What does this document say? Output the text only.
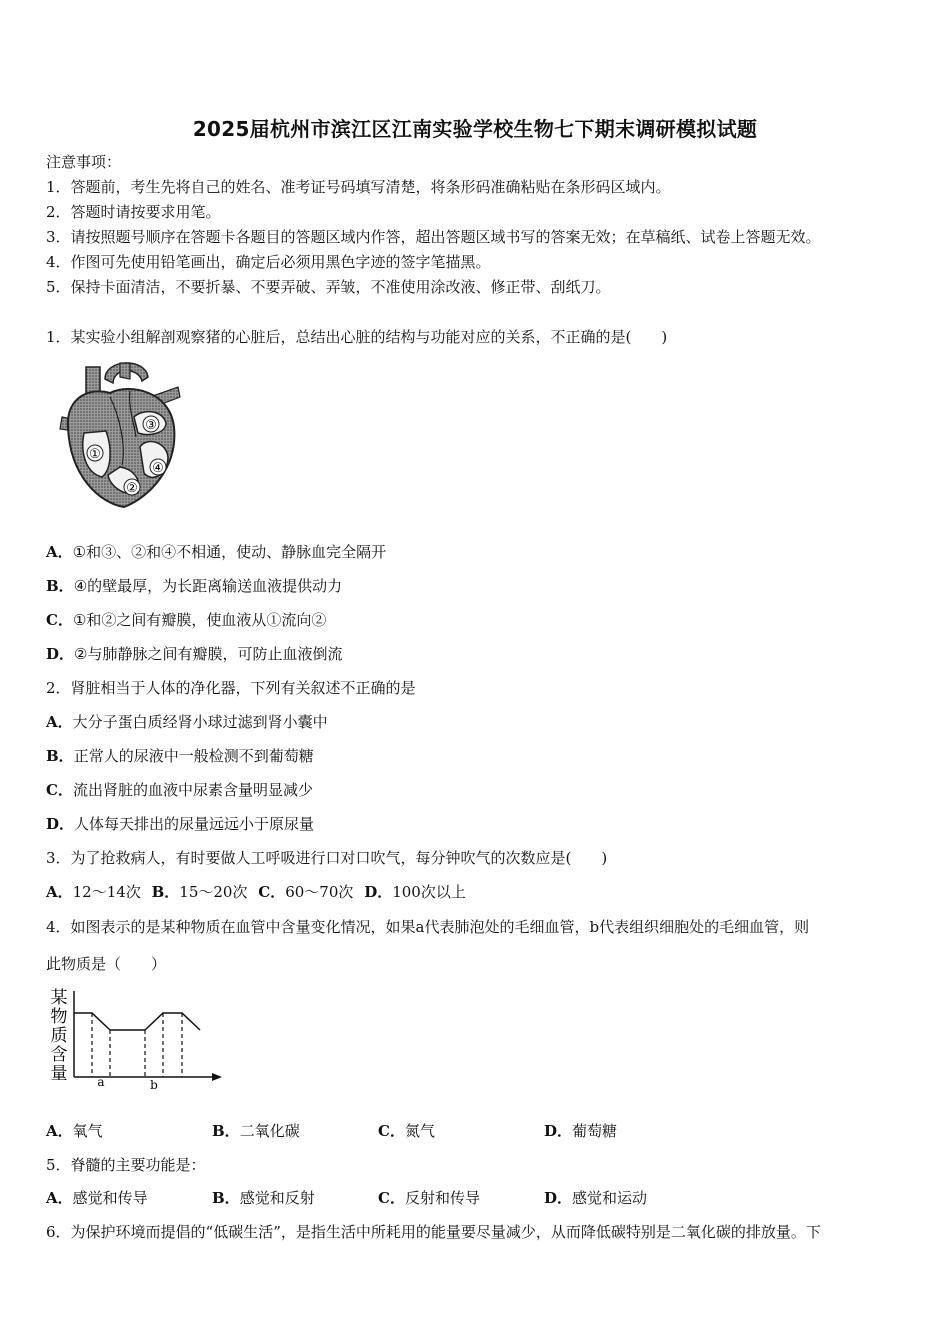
2025届杭州市滨江区江南实验学校生物七下期末调研模拟试题
注意事项：
1．答题前，考生先将自己的姓名、准考证号码填写清楚，将条形码准确粘贴在条形码区域内。
2．答题时请按要求用笔。
3．请按照题号顺序在答题卡各题目的答题区域内作答，超出答题区域书写的答案无效；在草稿纸、试卷上答题无效。
4．作图可先使用铅笔画出，确定后必须用黑色字迹的签字笔描黑。
5．保持卡面清洁，不要折暴、不要弄破、弄皱，不准使用涂改液、修正带、刮纸刀。
1．某实验小组解剖观察猪的心脏后，总结出心脏的结构与功能对应的关系，不正确的是(　　)
①
②
③
④
A．①和③、②和④不相通，使动、静脉血完全隔开
B．④的壁最厚，为长距离输送血液提供动力
C．①和②之间有瓣膜，使血液从①流向②
D．②与肺静脉之间有瓣膜，可防止血液倒流
2．肾脏相当于人体的净化器，下列有关叙述不正确的是
A．大分子蛋白质经肾小球过滤到肾小囊中
B．正常人的尿液中一般检测不到葡萄糖
C．流出肾脏的血液中尿素含量明显减少
D．人体每天排出的尿量远远小于原尿量
3．为了抢救病人，有时要做人工呼吸进行口对口吹气，每分钟吹气的次数应是(　　)
A．12～14次 B．15～20次 C．60～70次 D．100次以上
4．如图表示的是某种物质在血管中含量变化情况，如果a代表肺泡处的毛细血管，b代表组织细胞处的毛细血管，则
此物质是（　　）
某
物
质
含
量 a	b
A．氧气	B．二氧化碳	C．氮气	D．葡萄糖
5．脊髓的主要功能是：
A．感觉和传导	B．感觉和反射	C．反射和传导	D．感觉和运动
6．为保护环境而提倡的“低碳生活”，是指生活中所耗用的能量要尽量减少，从而降低碳特别是二氧化碳的排放量。下
